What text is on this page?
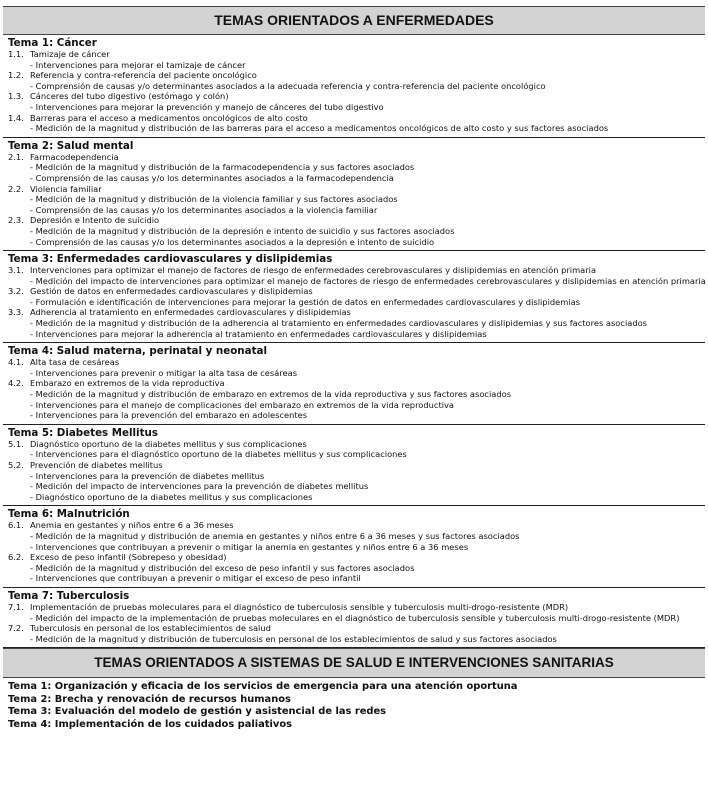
TEMAS ORIENTADOS A ENFERMEDADES
Tema 1: Cáncer
1.1. Tamizaje de cáncer
- Intervenciones para mejorar el tamizaje de cáncer
1.2. Referencia y contra-referencia del paciente oncológico
- Comprensión de causas y/o determinantes asociados a la adecuada referencia y contra-referencia del paciente oncológico
1.3. Cánceres del tubo digestivo (estómago y colón)
- Intervenciones para mejorar la prevención y manejo de cánceres del tubo digestivo
1.4. Barreras para el acceso a medicamentos oncológicos de alto costo
- Medición de la magnitud y distribución de las barreras para el acceso a medicamentos oncológicos de alto costo y sus factores asociados
Tema 2: Salud mental
2.1. Farmacodependencia
- Medición de la magnitud y distribución de la farmacodependencia y sus factores asociados
- Comprensión de las causas y/o los determinantes asociados a la farmacodependencia
2.2. Violencia familiar
- Medición de la magnitud y distribución de la violencia familiar y sus factores asociados
- Comprensión de las causas y/o los determinantes asociados a la violencia familiar
2.3. Depresión e Intento de suicidio
- Medición de la magnitud y distribución de la depresión e intento de suicidio y sus factores asociados
- Comprensión de las causas y/o los determinantes asociados a la depresión e intento de suicidio
Tema 3: Enfermedades cardiovasculares y dislipidemias
3.1. Intervenciones para optimizar el manejo de factores de riesgo de enfermedades cerebrovasculares y dislipidemias en atención primaria
- Medición del impacto de intervenciones para optimizar el manejo de factores de riesgo de enfermedades cerebrovasculares y dislipidemias en atención primaria
3.2. Gestión de datos en enfermedades cardiovasculares y dislipidemias
- Formulación e identificación de intervenciones para mejorar la gestión de datos en enfermedades cardiovasculares y dislipidemias
3.3. Adherencia al tratamiento en enfermedades cardiovasculares y dislipidemias
- Medición de la magnitud y distribución de la adherencia al tratamiento en enfermedades cardiovasculares y dislipidemias y sus factores asociados
- Intervenciones para mejorar la adherencia al tratamiento en enfermedades cardiovasculares y dislipidemias
Tema 4: Salud materna, perinatal y neonatal
4.1. Alta tasa de cesáreas
- Intervenciones para prevenir o mitigar la alta tasa de cesáreas
4.2. Embarazo en extremos de la vida reproductiva
- Medición de la magnitud y distribución de embarazo en extremos de la vida reproductiva y sus factores asociados
- Intervenciones para el manejo de complicaciones del embarazo en extremos de la vida reproductiva
- Intervenciones para la prevención del embarazo en adolescentes
Tema 5: Diabetes Mellitus
5.1. Diagnóstico oportuno de la diabetes mellitus y sus complicaciones
- Intervenciones para el diagnóstico oportuno de la diabetes mellitus y sus complicaciones
5.2. Prevención de diabetes mellitus
- Intervenciones para la prevención de diabetes mellitus
- Medición del impacto de intervenciones para la prevención de diabetes mellitus
- Diagnóstico oportuno de la diabetes mellitus y sus complicaciones
Tema 6: Malnutrición
6.1. Anemia en gestantes y niños entre 6 a 36 meses
- Medición de la magnitud y distribución de anemia en gestantes y niños entre 6 a 36 meses y sus factores asociados
- Intervenciones que contribuyan a prevenir o mitigar la anemia en gestantes y niños entre 6 a 36 meses
6.2. Exceso de peso infantil (Sobrepeso y obesidad)
- Medición de la magnitud y distribución del exceso de peso infantil y sus factores asociados
- Intervenciones que contribuyan a prevenir o mitigar el exceso de peso infantil
Tema 7: Tuberculosis
7.1. Implementación de pruebas moleculares para el diagnóstico de tuberculosis sensible y tuberculosis multi-drogo-resistente (MDR)
- Medición del impacto de la implementación de pruebas moleculares en el diagnóstico de tuberculosis sensible y tuberculosis multi-drogo-resistente (MDR)
7.2. Tuberculosis en personal de los establecimientos de salud
- Medición de la magnitud y distribución de tuberculosis en personal de los establecimientos de salud y sus factores asociados
TEMAS ORIENTADOS A SISTEMAS DE SALUD E INTERVENCIONES SANITARIAS
Tema 1: Organización y eficacia de los servicios de emergencia para una atención oportuna
Tema 2: Brecha y renovación de recursos humanos
Tema 3: Evaluación del modelo de gestión y asistencial de las redes
Tema 4: Implementación de los cuidados paliativos
